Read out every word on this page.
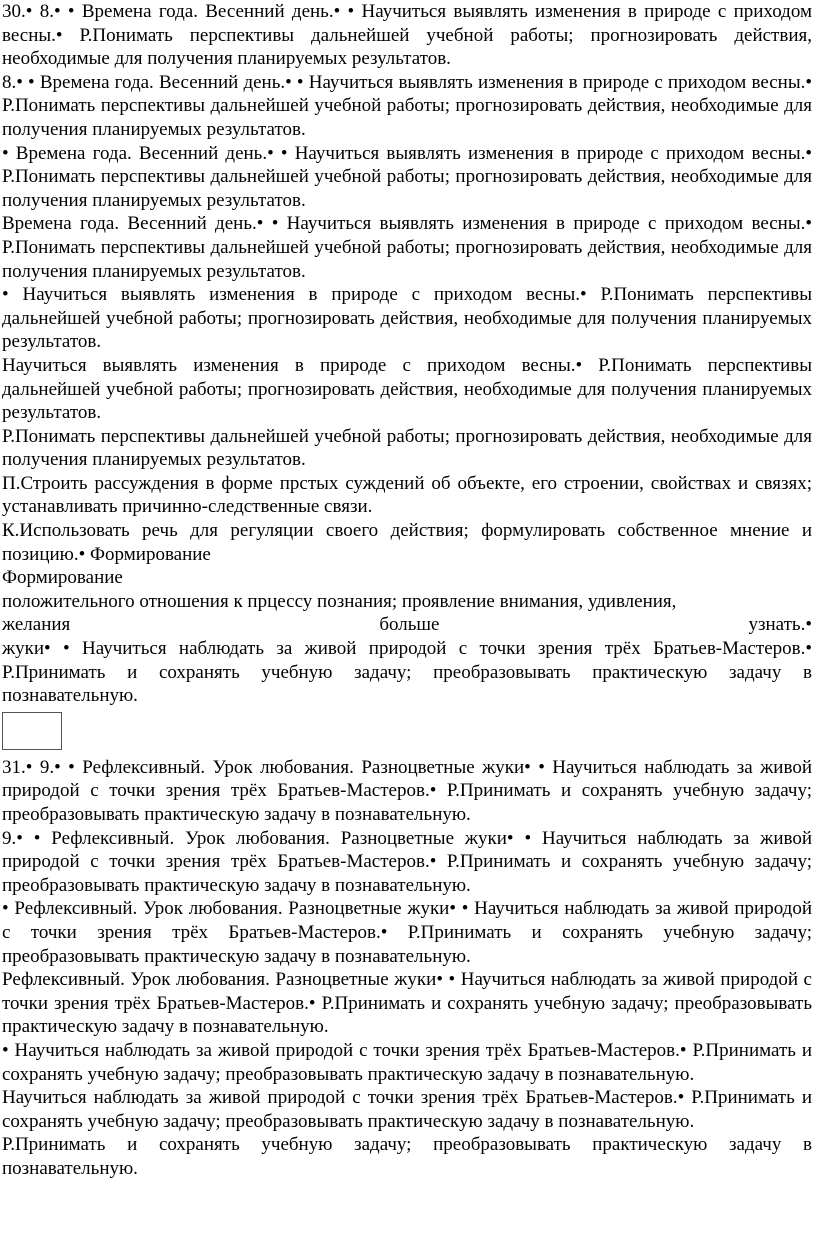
30.• 8.• • Времена года. Весенний день.• • Научиться выявлять изменения в природе с приходом весны.• Р.Понимать перспективы дальнейшей учебной работы; прогнозировать действия, необходимые для получения планируемых результатов.

8.• • Времена года. Весенний день.• • Научиться выявлять изменения в природе с приходом весны.• Р.Понимать перспективы дальнейшей учебной работы; прогнозировать действия, необходимые для получения планируемых результатов.

• Времена года. Весенний день.• • Научиться выявлять изменения в природе с приходом весны.• Р.Понимать перспективы дальнейшей учебной работы; прогнозировать действия, необходимые для получения планируемых результатов.

Времена года. Весенний день.• • Научиться выявлять изменения в природе с приходом весны.• Р.Понимать перспективы дальнейшей учебной работы; прогнозировать действия, необходимые для получения планируемых результатов.

• Научиться выявлять изменения в природе с приходом весны.• Р.Понимать перспективы дальнейшей учебной работы; прогнозировать действия, необходимые для получения планируемых результатов.

Научиться выявлять изменения в природе с приходом весны.• Р.Понимать перспективы дальнейшей учебной работы; прогнозировать действия, необходимые для получения планируемых результатов.

Р.Понимать перспективы дальнейшей учебной работы; прогнозировать действия, необходимые для получения планируемых результатов.

П.Строить рассуждения в форме прстых суждений об объекте, его строении, свойствах и связях; устанавливать причинно-следственные связи.

К.Использовать речь для регуляции своего действия; формулировать собственное мнение и позицию.• Формирование

Формирование

положительного отношения к прцессу познания; проявление внимания, удивления,

желания	больше	узнать.•

жуки• • Научиться наблюдать за живой природой с точки зрения трёх Братьев-Мастеров.• Р.Принимать и сохранять учебную задачу; преобразовывать практическую задачу в познавательную.

31.• 9.• • Рефлексивный. Урок любования. Разноцветные жуки• • Научиться наблюдать за живой природой с точки зрения трёх Братьев-Мастеров.• Р.Принимать и сохранять учебную задачу; преобразовывать практическую задачу в познавательную.

9.• • Рефлексивный. Урок любования. Разноцветные жуки• • Научиться наблюдать за живой природой с точки зрения трёх Братьев-Мастеров.• Р.Принимать и сохранять учебную задачу; преобразовывать практическую задачу в познавательную.

• Рефлексивный. Урок любования. Разноцветные жуки• • Научиться наблюдать за живой природой с точки зрения трёх Братьев-Мастеров.• Р.Принимать и сохранять учебную задачу; преобразовывать практическую задачу в познавательную.

Рефлексивный. Урок любования. Разноцветные жуки• • Научиться наблюдать за живой природой с точки зрения трёх Братьев-Мастеров.• Р.Принимать и сохранять учебную задачу; преобразовывать практическую задачу в познавательную.

• Научиться наблюдать за живой природой с точки зрения трёх Братьев-Мастеров.• Р.Принимать и сохранять учебную задачу; преобразовывать практическую задачу в познавательную.

Научиться наблюдать за живой природой с точки зрения трёх Братьев-Мастеров.• Р.Принимать и сохранять учебную задачу; преобразовывать практическую задачу в познавательную.

Р.Принимать и сохранять учебную задачу; преобразовывать практическую задачу в познавательную.
